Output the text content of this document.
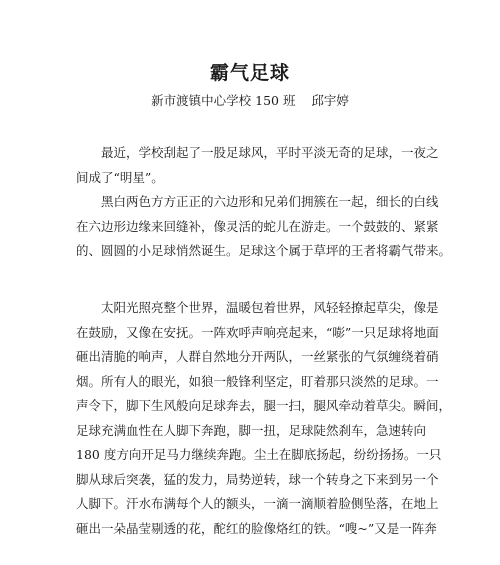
霸气足球
新市渡镇中心学校 150 班    邱宇婷
最近，学校刮起了一股足球风，平时平淡无奇的足球，一夜之
间成了“明星”。
黑白两色方方正正的六边形和兄弟们拥簇在一起，细长的白线
在六边形边缘来回缝补，像灵活的蛇儿在游走。一个鼓鼓的、紧紧
的、圆圆的小足球悄然诞生。足球这个属于草坪的王者将霸气带来。
太阳光照亮整个世界，温暖包着世界，风轻轻撩起草尖，像是
在鼓励，又像在安抚。一阵欢呼声响亮起来，“嘭”一只足球将地面
砸出清脆的响声，人群自然地分开两队，一丝紧张的气氛缠绕着硝
烟。所有人的眼光，如狼一般锋利坚定，盯着那只淡然的足球。一
声令下，脚下生风般向足球奔去，腿一扫，腿风牵动着草尖。瞬间，
足球充满血性在人脚下奔跑，脚一扭，足球陡然刹车，急速转向
180 度方向开足马力继续奔跑。尘土在脚底扬起，纷纷扬扬。一只
脚从球后突袭，猛的发力，局势逆转，球一个转身之下来到另一个
人脚下。汗水布满每个人的额头，一滴一滴顺着脸侧坠落，在地上
砸出一朵晶莹剔透的花，酡红的脸像烙红的铁。“嗖~”又是一阵奔
